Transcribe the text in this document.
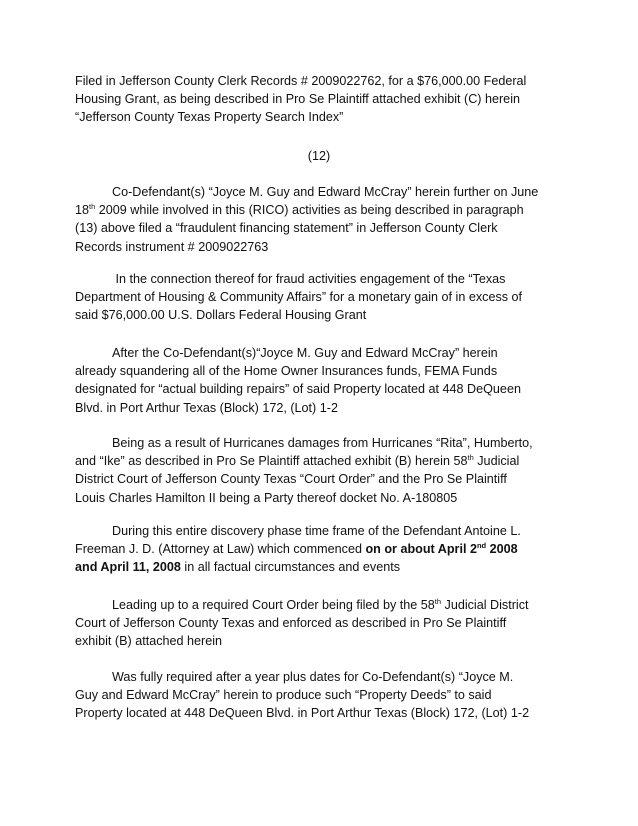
Filed in Jefferson County Clerk Records # 2009022762, for a $76,000.00 Federal
Housing Grant, as being described in Pro Se Plaintiff attached exhibit (C) herein
“Jefferson County Texas Property Search Index”
(12)
Co-Defendant(s) “Joyce M. Guy and Edward McCray” herein further on June
18th 2009 while involved in this (RICO) activities as being described in paragraph
(13) above filed a “fraudulent financing statement” in Jefferson County Clerk
Records instrument # 2009022763
In the connection thereof for fraud activities engagement of the “Texas
Department of Housing & Community Affairs” for a monetary gain of in excess of
said $76,000.00 U.S. Dollars Federal Housing Grant
After the Co-Defendant(s)“Joyce M. Guy and Edward McCray” herein
already squandering all of the Home Owner Insurances funds, FEMA Funds
designated for “actual building repairs” of said Property located at 448 DeQueen
Blvd. in Port Arthur Texas (Block) 172, (Lot) 1-2
Being as a result of Hurricanes damages from Hurricanes “Rita”, Humberto,
and “Ike” as described in Pro Se Plaintiff attached exhibit (B) herein 58th Judicial
District Court of Jefferson County Texas “Court Order” and the Pro Se Plaintiff
Louis Charles Hamilton II being a Party thereof docket No. A-180805
During this entire discovery phase time frame of the Defendant Antoine L.
Freeman J. D. (Attorney at Law) which commenced on or about April 2nd 2008
and April 11, 2008 in all factual circumstances and events
Leading up to a required Court Order being filed by the 58th Judicial District
Court of Jefferson County Texas and enforced as described in Pro Se Plaintiff
exhibit (B) attached herein
Was fully required after a year plus dates for Co-Defendant(s) “Joyce M.
Guy and Edward McCray” herein to produce such “Property Deeds” to said
Property located at 448 DeQueen Blvd. in Port Arthur Texas (Block) 172, (Lot) 1-2
